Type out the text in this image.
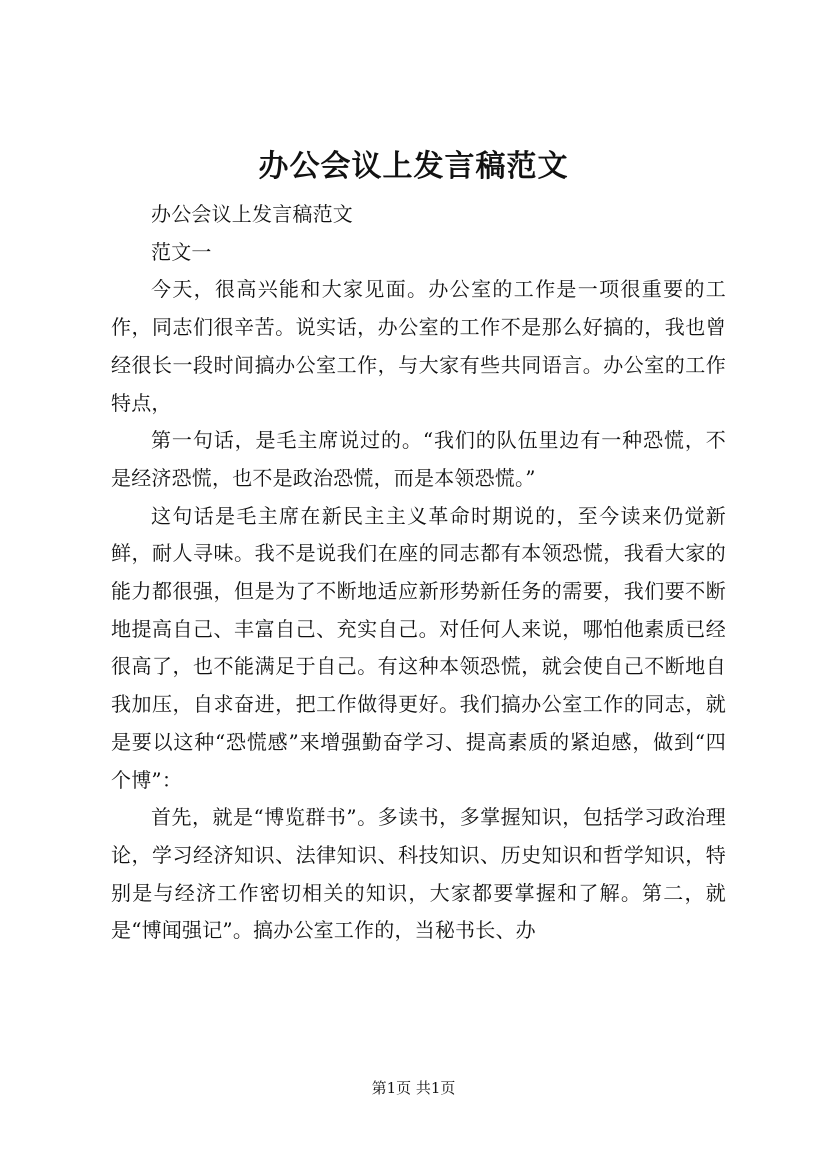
办公会议上发言稿范文

办公会议上发言稿范文

范文一

今天，很高兴能和大家见面。办公室的工作是一项很重要的工作，同志们很辛苦。说实话，办公室的工作不是那么好搞的，我也曾经很长一段时间搞办公室工作，与大家有些共同语言。办公室的工作特点，

第一句话，是毛主席说过的。“我们的队伍里边有一种恐慌，不是经济恐慌，也不是政治恐慌，而是本领恐慌。”

这句话是毛主席在新民主主义革命时期说的，至今读来仍觉新鲜，耐人寻味。我不是说我们在座的同志都有本领恐慌，我看大家的能力都很强，但是为了不断地适应新形势新任务的需要，我们要不断地提高自己、丰富自己、充实自己。对任何人来说，哪怕他素质已经很高了，也不能满足于自己。有这种本领恐慌，就会使自己不断地自我加压，自求奋进，把工作做得更好。我们搞办公室工作的同志，就是要以这种“恐慌感”来增强勤奋学习、提高素质的紧迫感，做到“四个博”：

首先，就是“博览群书”。多读书，多掌握知识，包括学习政治理论，学习经济知识、法律知识、科技知识、历史知识和哲学知识，特别是与经济工作密切相关的知识，大家都要掌握和了解。第二，就是“博闻强记”。搞办公室工作的，当秘书长、办

第1页 共1页
